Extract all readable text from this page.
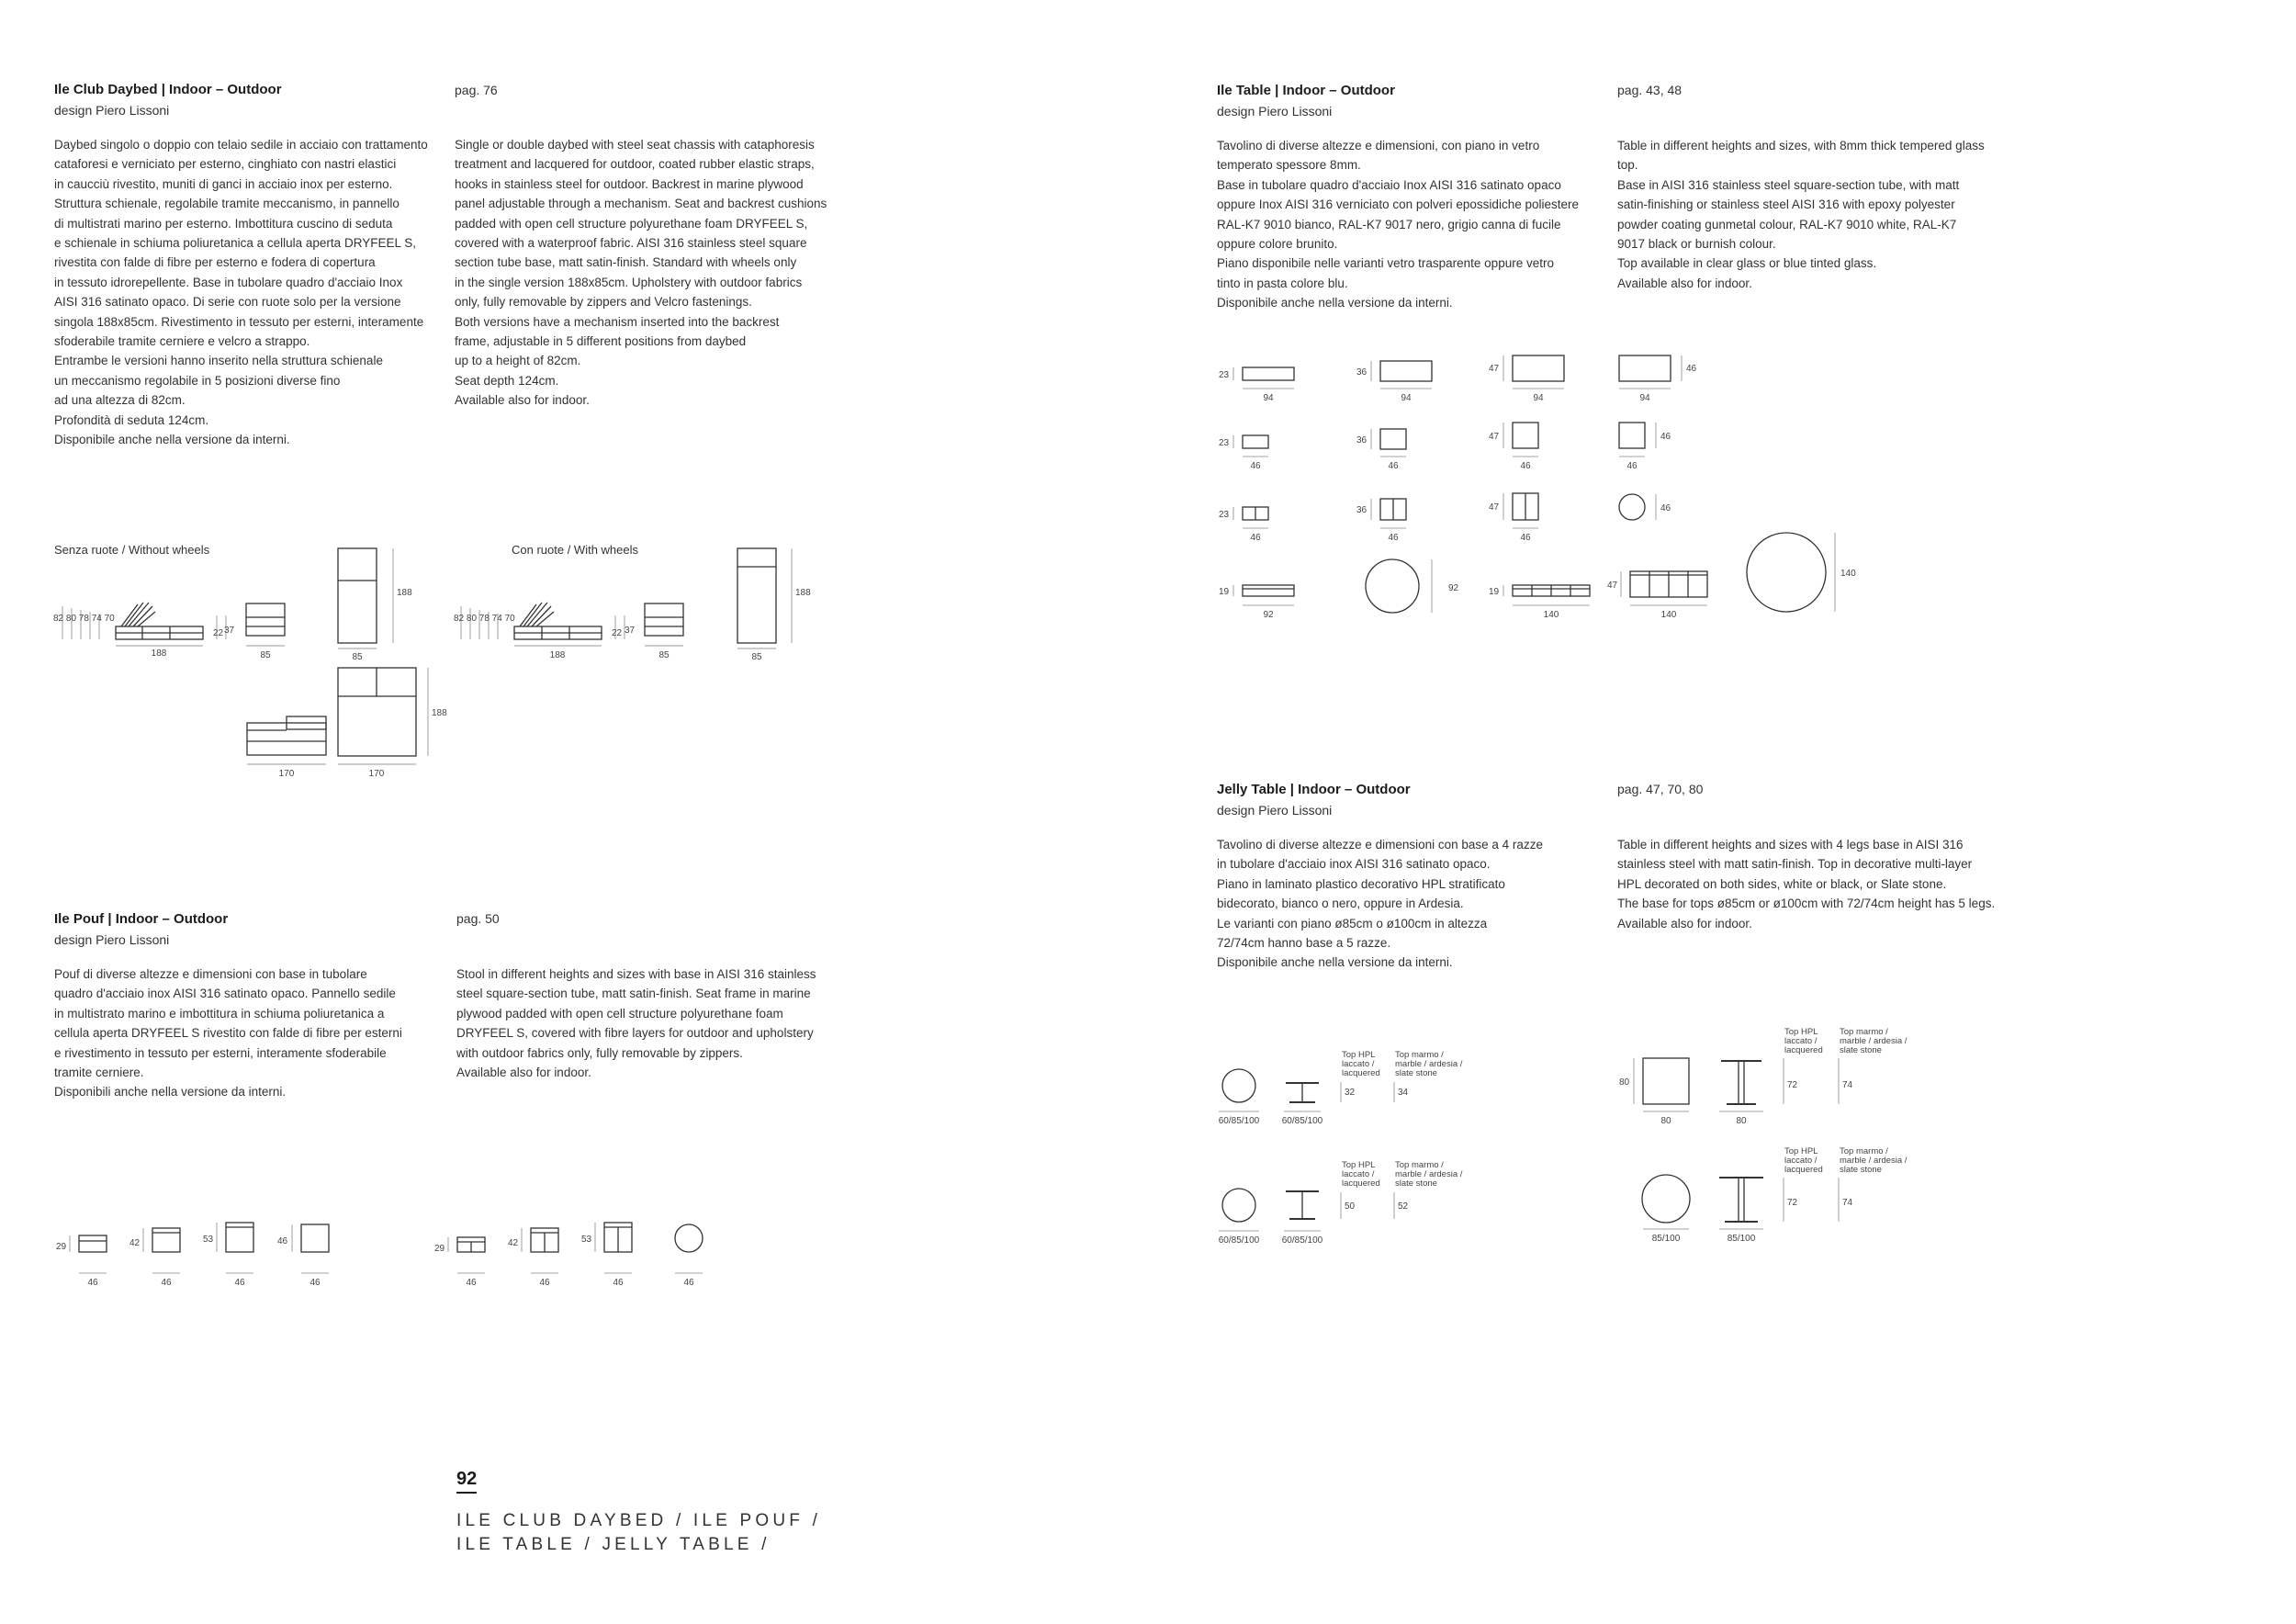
Ile Club Daybed | Indoor – Outdoor
design Piero Lissoni
pag. 76
Daybed singolo o doppio con telaio sedile in acciaio con trattamento
cataforesi e verniciato per esterno, cinghiato con nastri elastici
in caucciù rivestito, muniti di ganci in acciaio inox per esterno.
Struttura schienale, regolabile tramite meccanismo, in pannello
di multistrati marino per esterno. Imbottitura cuscino di seduta
e schienale in schiuma poliuretanica a cellula aperta DRYFEEL S,
rivestita con falde di fibre per esterno e fodera di copertura
in tessuto idrorepellente. Base in tubolare quadro d'acciaio Inox
AISI 316 satinato opaco. Di serie con ruote solo per la versione
singola 188x85cm. Rivestimento in tessuto per esterni, interamente
sfoderabile tramite cerniere e velcro a strappo.
Entrambe le versioni hanno inserito nella struttura schienale
un meccanismo regolabile in 5 posizioni diverse fino
ad una altezza di 82cm.
Profondità di seduta 124cm.
Disponibile anche nella versione da interni.
Single or double daybed with steel seat chassis with cataphoresis
treatment and lacquered for outdoor, coated rubber elastic straps,
hooks in stainless steel for outdoor. Backrest in marine plywood
panel adjustable through a mechanism. Seat and backrest cushions
padded with open cell structure polyurethane foam DRYFEEL S,
covered with a waterproof fabric. AISI 316 stainless steel square
section tube base, matt satin-finish. Standard with wheels only
in the single version 188x85cm. Upholstery with outdoor fabrics
only, fully removable by zippers and Velcro fastenings.
Both versions have a mechanism inserted into the backrest
frame, adjustable in 5 different positions from daybed
up to a height of 82cm.
Seat depth 124cm.
Available also for indoor.
Senza ruote / Without wheels	Con ruote / With wheels
82 80 78 74 70
188
22 37
85	85
188
170	170
188
82 80 78 74 70
188
22 37
85	85
188
Ile Pouf | Indoor – Outdoor
design Piero Lissoni
pag. 50
Pouf di diverse altezze e dimensioni con base in tubolare
quadro d'acciaio inox AISI 316 satinato opaco. Pannello sedile
in multistrato marino e imbottitura in schiuma poliuretanica a
cellula aperta DRYFEEL S rivestito con falde di fibre per esterni
e rivestimento in tessuto per esterni, interamente sfoderabile
tramite cerniere.
Disponibili anche nella versione da interni.
Stool in different heights and sizes with base in AISI 316 stainless
steel square-section tube, matt satin-finish. Seat frame in marine
plywood padded with open cell structure polyurethane foam
DRYFEEL S, covered with fibre layers for outdoor and upholstery
with outdoor fabrics only, fully removable by zippers.
Available also for indoor.
29	42	53	46
46	46	46	46
29
42	53
46	46	46	46
Ile Table | Indoor – Outdoor
design Piero Lissoni
pag. 43, 48
Tavolino di diverse altezze e dimensioni, con piano in vetro
temperato spessore 8mm.
Base in tubolare quadro d'acciaio Inox AISI 316 satinato opaco
oppure Inox AISI 316 verniciato con polveri epossidiche poliestere
RAL-K7 9010 bianco, RAL-K7 9017 nero, grigio canna di fucile
oppure colore brunito.
Piano disponibile nelle varianti vetro trasparente oppure vetro
tinto in pasta colore blu.
Disponibile anche nella versione da interni.
Table in different heights and sizes, with 8mm thick tempered glass
top.
Base in AISI 316 stainless steel square-section tube, with matt
satin-finishing or stainless steel AISI 316 with epoxy polyester
powder coating gunmetal colour, RAL-K7 9010 white, RAL-K7
9017 black or burnish colour.
Top available in clear glass or blue tinted glass.
Available also for indoor.
23	36	47	46
94	94	94	94
23	36	47	46
46	46	46	46
23	36	47	46
46	46	46
19	92	19
47
140
92	140	140
Jelly Table | Indoor – Outdoor
design Piero Lissoni
pag. 47, 70, 80
Tavolino di diverse altezze e dimensioni con base a 4 razze
in tubolare d'acciaio inox AISI 316 satinato opaco.
Piano in laminato plastico decorativo HPL stratificato
bidecorato, bianco o nero, oppure in Ardesia.
Le varianti con piano ø85cm o ø100cm in altezza
72/74cm hanno base a 5 razze.
Disponibile anche nella versione da interni.
Table in different heights and sizes with 4 legs base in AISI 316
stainless steel with matt satin-finish. Top in decorative multi-layer
HPL decorated on both sides, white or black, or Slate stone.
The base for tops ø85cm or ø100cm with 72/74cm height has 5 legs.
Available also for indoor.
Top HPL
laccato /
lacquered
Top marmo /
marble / ardesia /
slate stone
Top HPL
laccato /
lacquered
Top marmo /
marble / ardesia /
slate stone
Top HPL
laccato /
lacquered
Top marmo /
marble / ardesia /
slate stone
Top HPL
laccato /
lacquered
Top marmo /
marble / ardesia /
slate stone
32	34
50	52
60/85/100 60/85/100
60/85/100 60/85/100
80
80	80
72	74
72	74
85/100	85/100
92
ILE CLUB DAYBED / ILE POUF /
ILE TABLE / JELLY TABLE /
